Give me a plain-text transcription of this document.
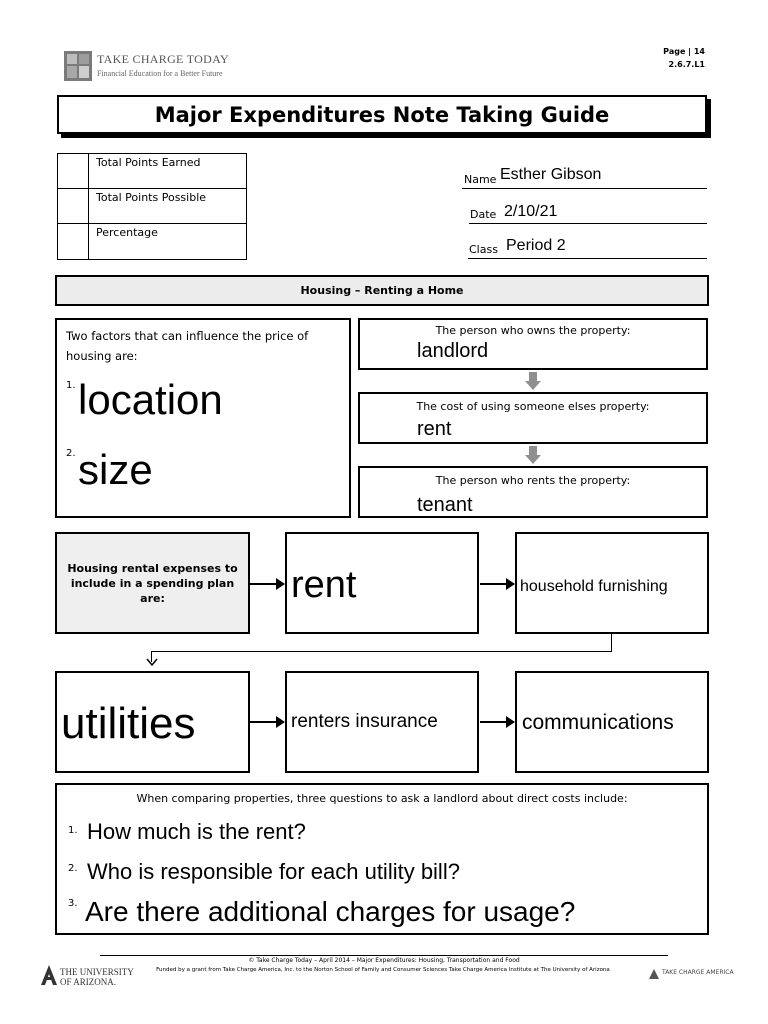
TAKE CHARGE TODAY
Financial Education for a Better Future
Page | 14
2.6.7.L1
Major Expenditures Note Taking Guide
Total Points Earned
Total Points Possible
Percentage
Name Esther Gibson
Date 2/10/21
Class Period 2
Housing – Renting a Home
Two factors that can influence the price of housing are:
1. location
2. size
The person who owns the property:
landlord
The cost of using someone elses property:
rent
The person who rents the property:
tenant
Housing rental expenses to include in a spending plan are:	rent	household furnishing
utilities	renters insurance	communications
When comparing properties, three questions to ask a landlord about direct costs include:
1. How much is the rent?
2. Who is responsible for each utility bill?
3. Are there additional charges for usage?
© Take Charge Today – April 2014 – Major Expenditures: Housing, Transportation and Food
THE UNIVERSITY
OF ARIZONA.
Funded by a grant from Take Charge America, Inc. to the Norton School of Family and Consumer Sciences Take Charge America Institute at The University of Arizona	TAKE CHARGE AMERICA
